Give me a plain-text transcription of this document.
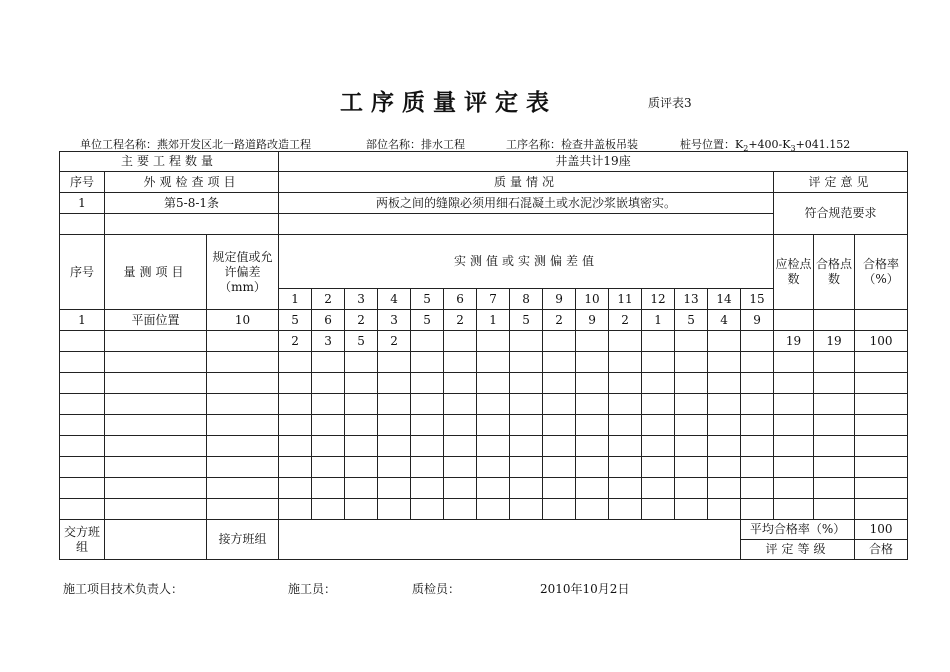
工序质量评定表	质评表3
单位工程名称：燕郊开发区北一路道路改造工程	部位名称：排水工程	工序名称：检查井盖板吊装	桩号位置：$K_2+400-K_3+041.152$
主要工程数量			井盖共计19座																	
序号	外观检查项目		质量情况															评定意见		
1	第5-8-1条		两板之间的缝隙必须用细石混凝土或水泥沙浆嵌填密实。															符合规范要求		

序号	量测项目	规定值或允许偏差（mm）	实测值或实测偏差值															应检点数	合格点数	合格率（%）
			1	2	3	4	5	6	7	8	9	10	11	12	13	14	15			
1	平面位置	10	5	6	2	3	5	2	1	5	2	9	2	1	5	4	9			
			2	3	5	2												19	19	100

交方班组		接方班组															平均合格率（%）			100
																	评定等级			合格
施工项目技术负责人：	施工员：	质检员：	2010年10月2日
